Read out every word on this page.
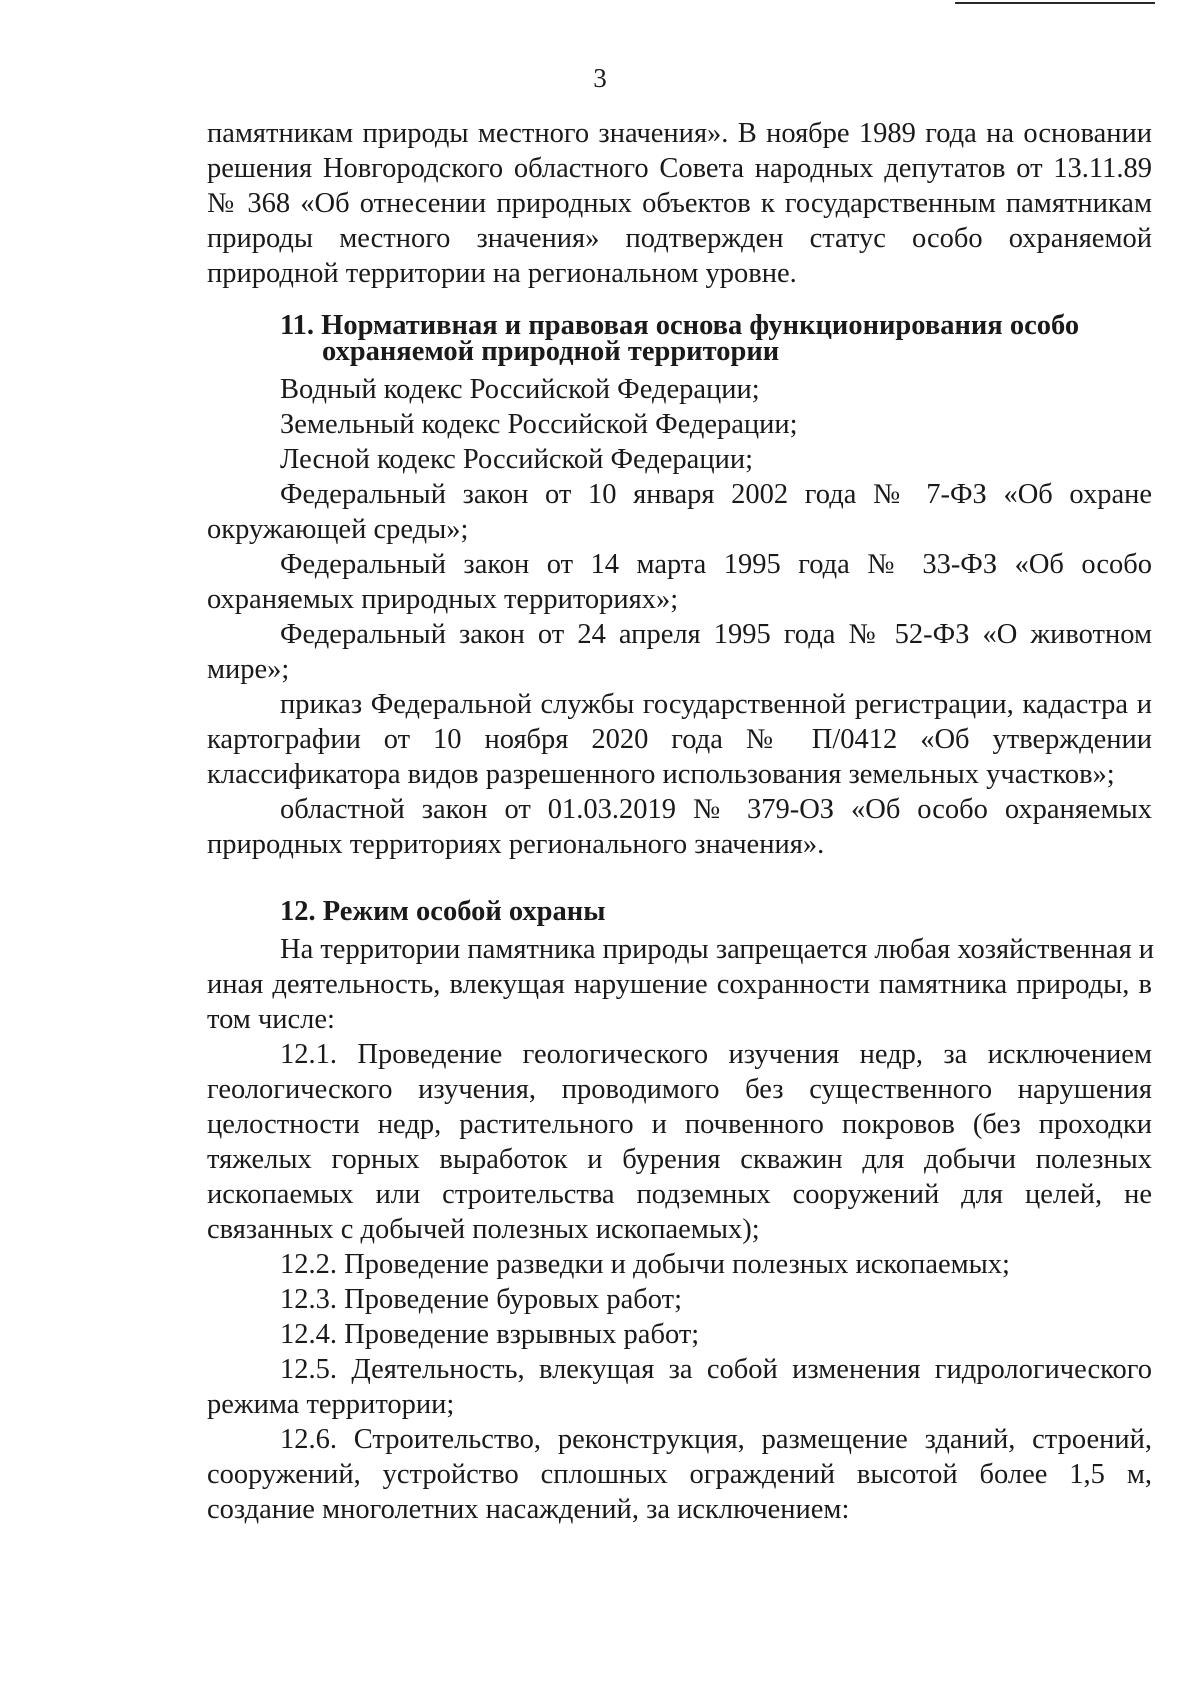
3
памятникам природы местного значения». В ноябре 1989 года на основании
решения Новгородского областного Совета народных депутатов от 13.11.89
№ 368 «Об отнесении природных объектов к государственным памятникам
природы местного значения» подтвержден статус особо охраняемой
природной территории на региональном уровне.
11. Нормативная и правовая основа функционирования особо
охраняемой природной территории
Водный кодекс Российской Федерации;
Земельный кодекс Российской Федерации;
Лесной кодекс Российской Федерации;
Федеральный закон от 10 января 2002 года № 7-ФЗ «Об охране
окружающей среды»;
Федеральный закон от 14 марта 1995 года № 33-ФЗ «Об особо
охраняемых природных территориях»;
Федеральный закон от 24 апреля 1995 года № 52-ФЗ «О животном
мире»;
приказ Федеральной службы государственной регистрации, кадастра и
картографии от 10 ноября 2020 года № П/0412 «Об утверждении
классификатора видов разрешенного использования земельных участков»;
областной закон от 01.03.2019 № 379-ОЗ «Об особо охраняемых
природных территориях регионального значения».
12. Режим особой охраны
На территории памятника природы запрещается любая хозяйственная и
иная деятельность, влекущая нарушение сохранности памятника природы, в
том числе:
12.1. Проведение геологического изучения недр, за исключением
геологического изучения, проводимого без существенного нарушения
целостности недр, растительного и почвенного покровов (без проходки
тяжелых горных выработок и бурения скважин для добычи полезных
ископаемых или строительства подземных сооружений для целей, не
связанных с добычей полезных ископаемых);
12.2. Проведение разведки и добычи полезных ископаемых;
12.3. Проведение буровых работ;
12.4. Проведение взрывных работ;
12.5. Деятельность, влекущая за собой изменения гидрологического
режима территории;
12.6. Строительство, реконструкция, размещение зданий, строений,
сооружений, устройство сплошных ограждений высотой более 1,5 м,
создание многолетних насаждений, за исключением:
